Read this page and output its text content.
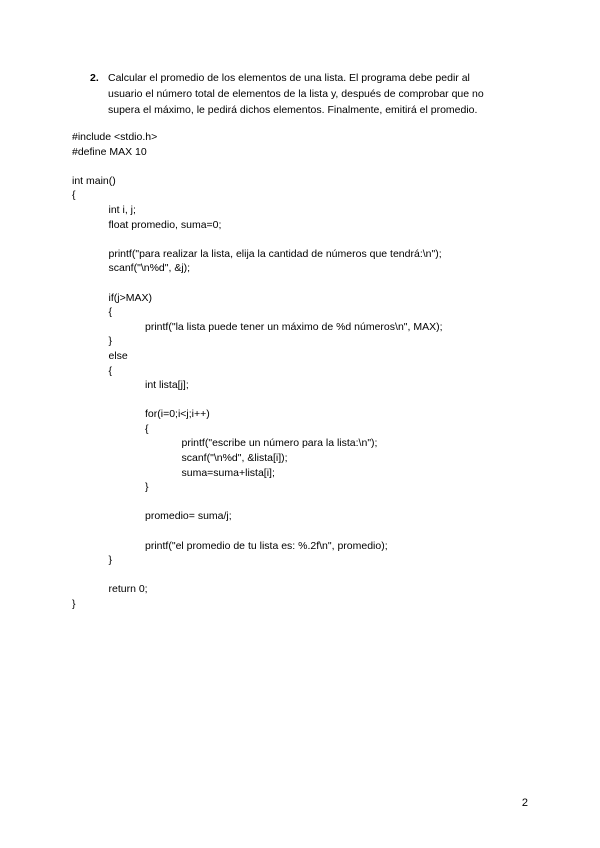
2. Calcular el promedio de los elementos de una lista. El programa debe pedir al
usuario el número total de elementos de la lista y, después de comprobar que no
supera el máximo, le pedirá dichos elementos. Finalmente, emitirá el promedio.
#include <stdio.h>
#define MAX 10
int main()
{
int i, j;
float promedio, suma=0;
printf("para realizar la lista, elija la cantidad de números que tendrá:\n");
scanf("\n%d", &j);
if(j>MAX)
{
printf("la lista puede tener un máximo de %d números\n", MAX);
}
else
{
int lista[j];
for(i=0;i<j;i++)
{
printf("escribe un número para la lista:\n");
scanf("\n%d", &lista[i]);
suma=suma+lista[i];
}
promedio= suma/j;
printf("el promedio de tu lista es: %.2f\n", promedio);
}
return 0;
}
2
